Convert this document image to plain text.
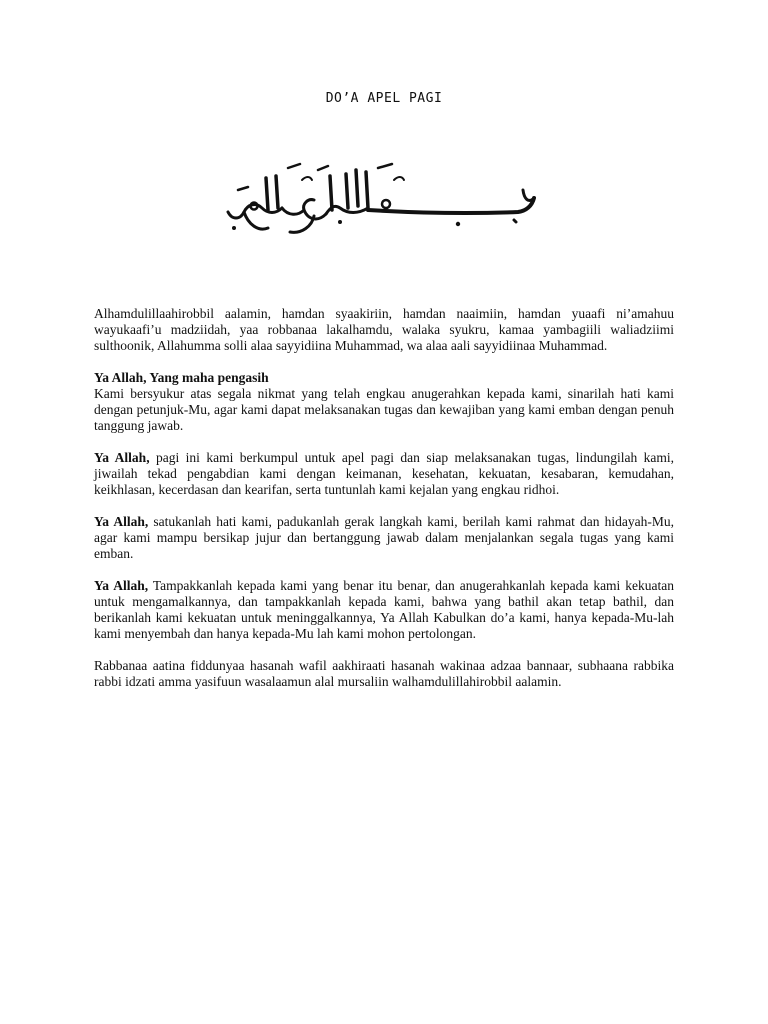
DO’A APEL PAGI

Alhamdulillaahirobbil aalamin, hamdan syaakiriin, hamdan naaimiin, hamdan yuaafi ni’amahuu wayukaafi’u madziidah, yaa robbanaa lakalhamdu, walaka syukru, kamaa yambagiili waliadziimi sulthoonik, Allahumma solli alaa sayyidiina Muhammad, wa alaa aali sayyidiinaa Muhammad.

Ya Allah, Yang maha pengasih

Kami bersyukur atas segala nikmat yang telah engkau anugerahkan kepada kami, sinarilah hati kami dengan petunjuk-Mu, agar kami dapat melaksanakan tugas dan kewajiban yang kami emban dengan penuh tanggung jawab.

Ya Allah, pagi ini kami berkumpul untuk apel pagi dan siap melaksanakan tugas, lindungilah kami, jiwailah tekad pengabdian kami dengan keimanan, kesehatan, kekuatan, kesabaran, kemudahan, keikhlasan, kecerdasan dan kearifan, serta tuntunlah kami kejalan yang engkau ridhoi.

Ya Allah, satukanlah hati kami, padukanlah gerak langkah kami, berilah kami rahmat dan hidayah-Mu, agar kami mampu bersikap jujur dan bertanggung jawab dalam menjalankan segala tugas yang kami emban.

Ya Allah, Tampakkanlah kepada kami yang benar itu benar, dan anugerahkanlah kepada kami kekuatan untuk mengamalkannya, dan tampakkanlah kepada kami, bahwa yang bathil akan tetap bathil, dan berikanlah kami kekuatan untuk meninggalkannya, Ya Allah Kabulkan do’a kami, hanya kepada-Mu-lah kami menyembah dan hanya kepada-Mu lah kami mohon pertolongan.

Rabbanaa aatina fiddunyaa hasanah wafil aakhiraati hasanah wakinaa adzaa bannaar, subhaana rabbika rabbi idzati amma yasifuun wasalaamun alal mursaliin walhamdulillahirobbil aalamin.
